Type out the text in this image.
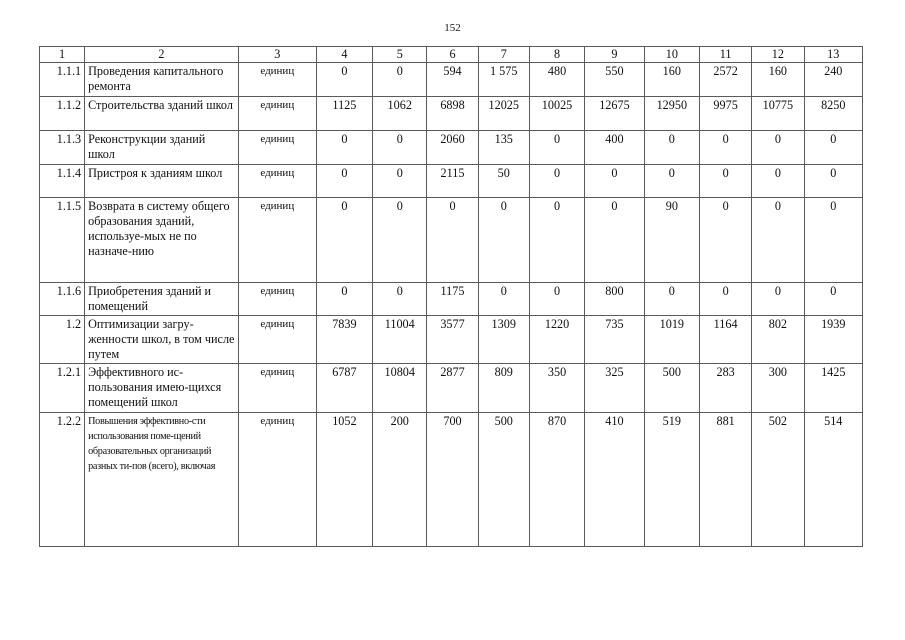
152
1	2	3	4	5	6	7	8	9	10	11	12	13
1.1.1	Проведения капитального ремонта	единиц	0	0	594	1 575	480	550	160	2572	160	240
1.1.2	Строительства зданий школ	единиц	1125	1062	6898	12025	10025	12675	12950	9975	10775	8250
1.1.3	Реконструкции зданий школ	единиц	0	0	2060	135	0	400	0	0	0	0
1.1.4	Пристроя к зданиям школ	единиц	0	0	2115	50	0	0	0	0	0	0
1.1.5	Возврата в систему общего образования зданий, используе-мых не по назначе-нию	единиц	0	0	0	0	0	0	90	0	0	0
1.1.6	Приобретения зданий и помещений	единиц	0	0	1175	0	0	800	0	0	0	0
1.2	Оптимизации загру-женности школ, в том числе путем	единиц	7839	11004	3577	1309	1220	735	1019	1164	802	1939
1.2.1	Эффективного ис-пользования имею-щихся помещений школ	единиц	6787	10804	2877	809	350	325	500	283	300	1425
1.2.2	Повышения эффективно-сти использования поме-щений образовательных организаций разных ти-пов (всего), включая	единиц	1052	200	700	500	870	410	519	881	502	514
